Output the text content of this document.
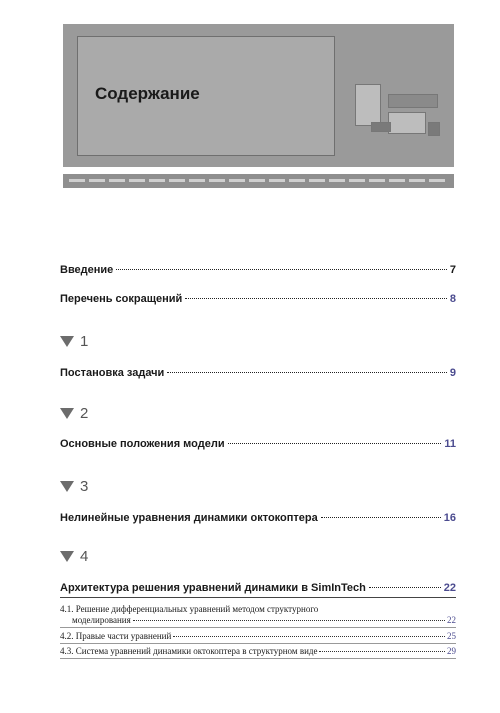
Содержание
Введение	7
Перечень сокращений	8
1
Постановка задачи	9
2
Основные положения модели	11
3
Нелинейные уравнения динамики октокоптера	16
4
Архитектура решения уравнений динамики в SimInTech	22
4.1. Решение дифференциальных уравнений методом структурного
моделирования	22
4.2. Правые части уравнений	25
4.3. Система уравнений динамики октокоптера в структурном виде	29
